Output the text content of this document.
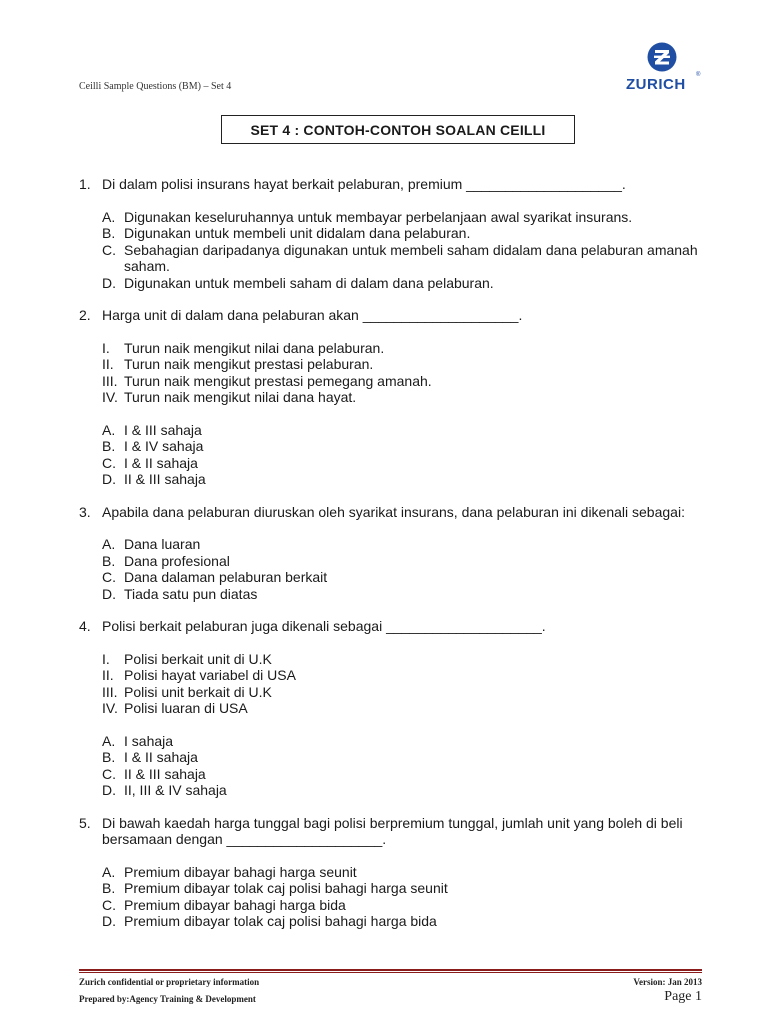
Ceilli Sample Questions (BM) – Set 4	ZURICH
®
SET 4 : CONTOH-CONTOH SOALAN CEILLI
1. Di dalam polisi insurans hayat berkait pelaburan, premium ____________________.
A. Digunakan keseluruhannya untuk membayar perbelanjaan awal syarikat insurans.
B. Digunakan untuk membeli unit didalam dana pelaburan.
C. Sebahagian daripadanya digunakan untuk membeli saham didalam dana pelaburan amanah saham.
D. Digunakan untuk membeli saham di dalam dana pelaburan.
2. Harga unit di dalam dana pelaburan akan ____________________.
I.	Turun naik mengikut nilai dana pelaburan.
II. Turun naik mengikut prestasi pelaburan.
III. Turun naik mengikut prestasi pemegang amanah.
IV. Turun naik mengikut nilai dana hayat.
A. I & III sahaja
B. I & IV sahaja
C. I & II sahaja
D. II & III sahaja
3. Apabila dana pelaburan diuruskan oleh syarikat insurans, dana pelaburan ini dikenali sebagai:
A. Dana luaran
B. Dana profesional
C. Dana dalaman pelaburan berkait
D. Tiada satu pun diatas
4. Polisi berkait pelaburan juga dikenali sebagai ____________________.
I.	Polisi berkait unit di U.K
II. Polisi hayat variabel di USA
III. Polisi unit berkait di U.K
IV. Polisi luaran di USA
A. I sahaja
B. I & II sahaja
C. II & III sahaja
D. II, III & IV sahaja
5. Di bawah kaedah harga tunggal bagi polisi berpremium tunggal, jumlah unit yang boleh di beli bersamaan dengan ____________________.
A. Premium dibayar bahagi harga seunit
B. Premium dibayar tolak caj polisi bahagi harga seunit
C. Premium dibayar bahagi harga bida
D. Premium dibayar tolak caj polisi bahagi harga bida
Zurich confidential or proprietary information
Prepared by:Agency Training & Development
Version: Jan 2013
Page 1
